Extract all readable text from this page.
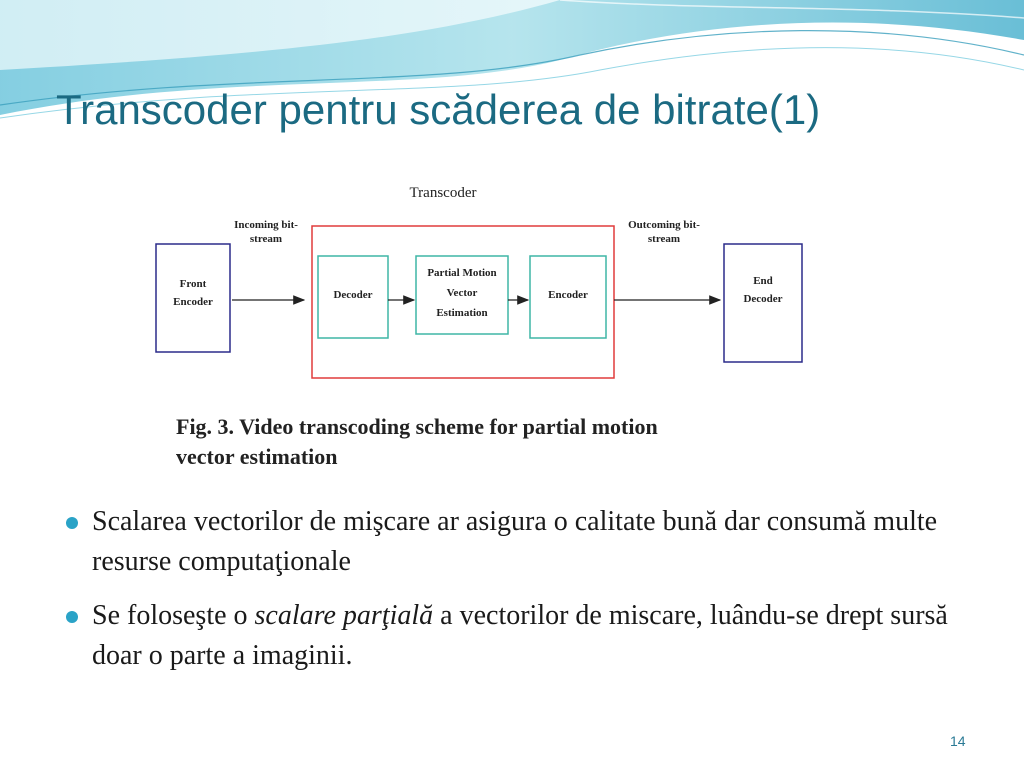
Transcoder pentru scăderea de bitrate(1)
Transcoder
Incoming bit-
stream
Outcoming bit-
stream
Front
Encoder
Decoder
Partial Motion
Vector
Estimation
Encoder
End
Decoder
Fig. 3. Video transcoding scheme for partial motion
vector estimation
Scalarea vectorilor de mişcare ar asigura o calitate bună dar consumă multe resurse computaţionale
Se foloseşte o scalare parţială a vectorilor de miscare, luându-se drept sursă doar o parte a imaginii.
14
